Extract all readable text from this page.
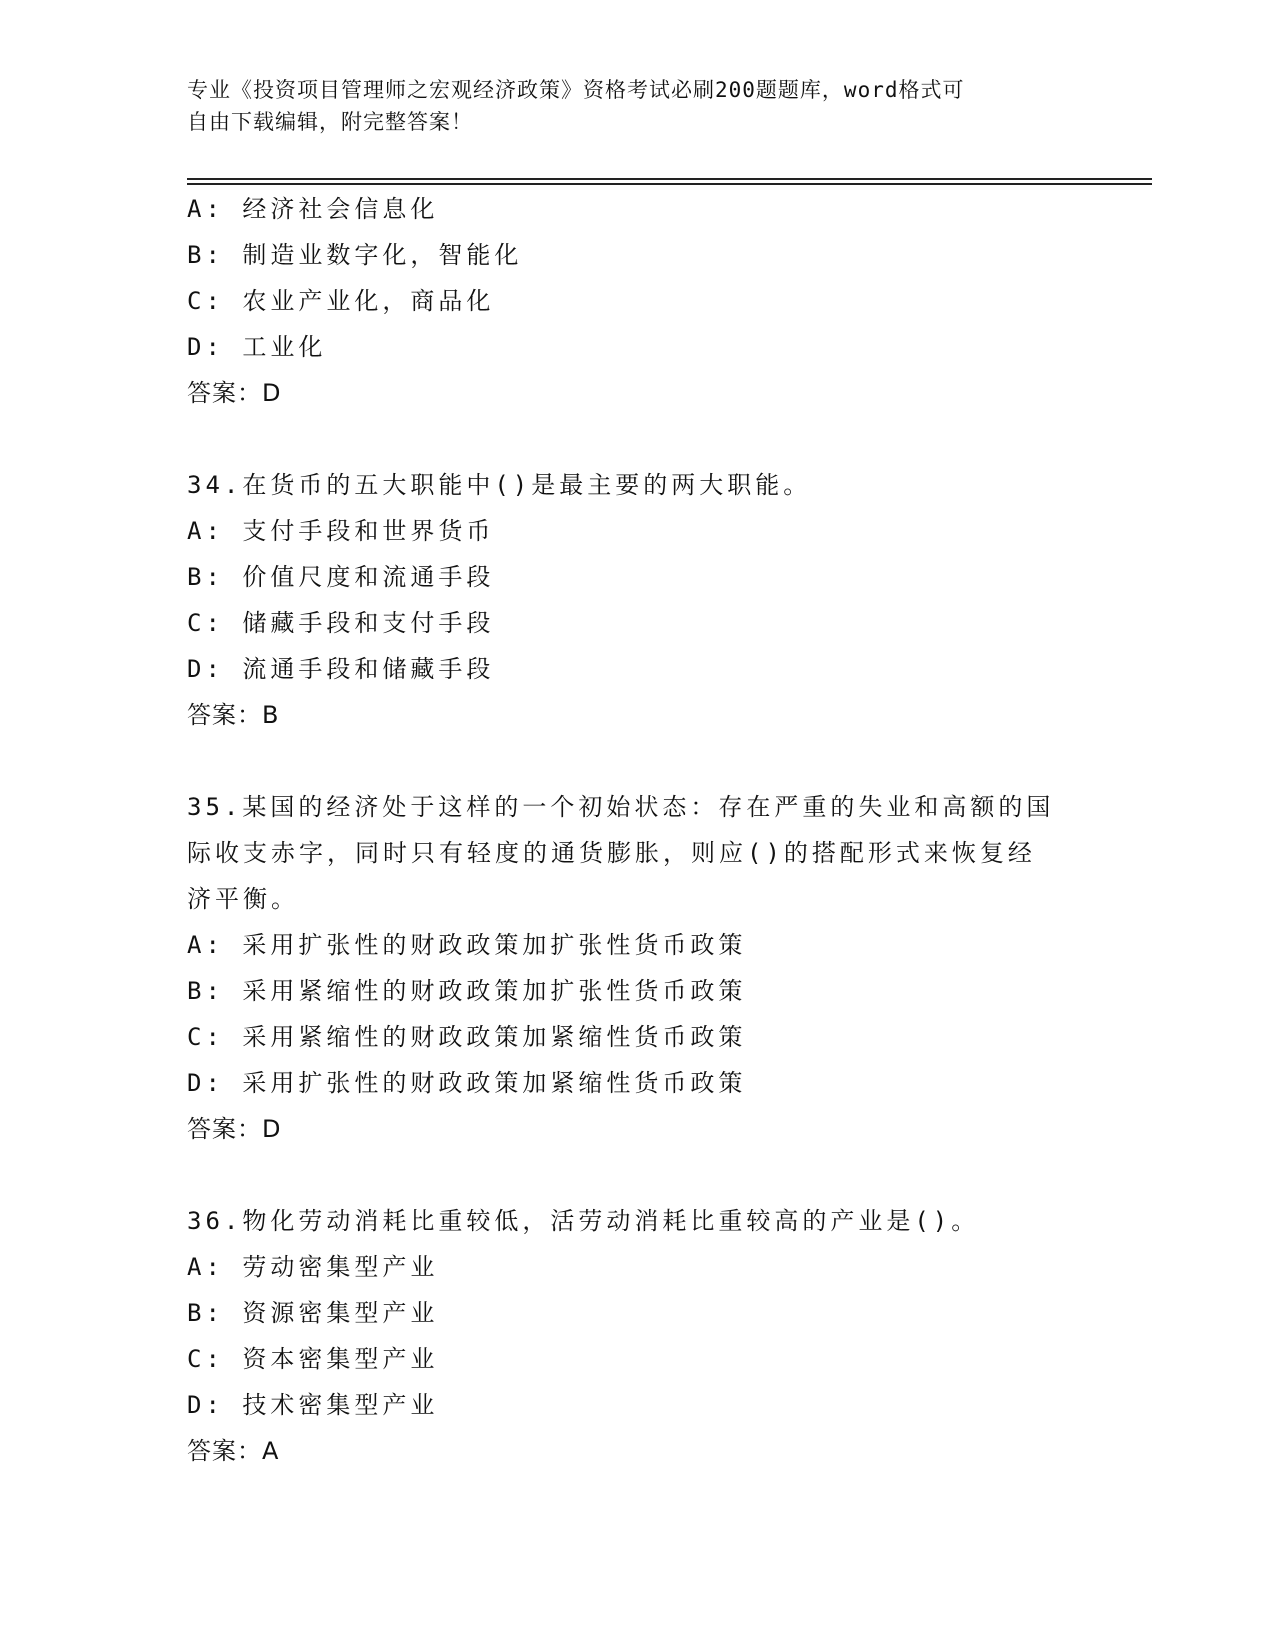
专业《投资项目管理师之宏观经济政策》资格考试必刷200题题库，word格式可
自由下载编辑，附完整答案！
A: 经济社会信息化
B: 制造业数字化，智能化
C: 农业产业化，商品化
D: 工业化
答案：D
34.在货币的五大职能中()是最主要的两大职能。
A: 支付手段和世界货币
B: 价值尺度和流通手段
C: 储藏手段和支付手段
D: 流通手段和储藏手段
答案：B
35.某国的经济处于这样的一个初始状态：存在严重的失业和高额的国
际收支赤字，同时只有轻度的通货膨胀，则应()的搭配形式来恢复经
济平衡。
A: 采用扩张性的财政政策加扩张性货币政策
B: 采用紧缩性的财政政策加扩张性货币政策
C: 采用紧缩性的财政政策加紧缩性货币政策
D: 采用扩张性的财政政策加紧缩性货币政策
答案：D
36.物化劳动消耗比重较低，活劳动消耗比重较高的产业是()。
A: 劳动密集型产业
B: 资源密集型产业
C: 资本密集型产业
D: 技术密集型产业
答案：A
